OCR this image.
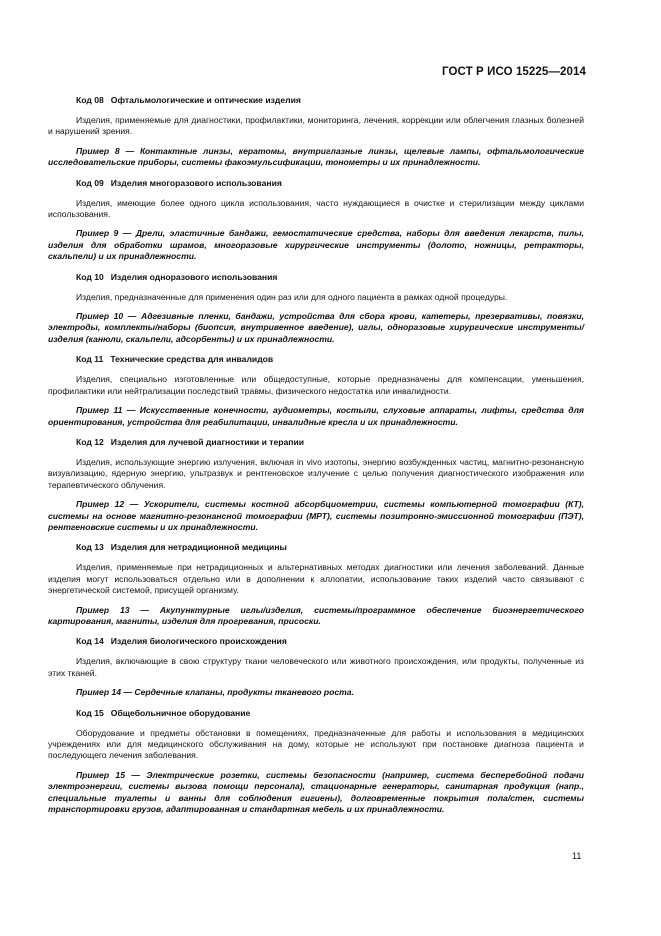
ГОСТ Р ИСО 15225—2014

Код 08 Офтальмологические и оптические изделия

Изделия, применяемые для диагностики, профилактики, мониторинга, лечения, коррекции или облегчения глазных болезней и нарушений зрения.

Пример 8 — Контактные линзы, кератомы, внутриглазные линзы, щелевые лампы, офтальмологические исследовательские приборы, системы факоэмульсификации, тонометры и их принадлежности.

Код 09 Изделия многоразового использования

Изделия, имеющие более одного цикла использования, часто нуждающиеся в очистке и стерилизации между циклами использования.

Пример 9 — Дрели, эластичные бандажи, гемостатические средства, наборы для введения лекарств, пилы, изделия для обработки шрамов, многоразовые хирургические инструменты (долото, ножницы, ретракторы, скальпели) и их принадлежности.

Код 10 Изделия одноразового использования

Изделия, предназначенные для применения один раз или для одного пациента в рамках одной процедуры.

Пример 10 — Адгезивные пленки, бандажи, устройства для сбора крови, катетеры, презервативы, повязки, электроды, комплекты/наборы (биопсия, внутривенное введение), иглы, одноразовые хирургические инструменты/изделия (канюли, скальпели, адсорбенты) и их принадлежности.

Код 11 Технические средства для инвалидов

Изделия, специально изготовленные или общедоступные, которые предназначены для компенсации, уменьшения, профилактики или нейтрализации последствий травмы, физического недостатка или инвалидности.

Пример 11 — Искусственные конечности, аудиометры, костыли, слуховые аппараты, лифты, средства для ориентирования, устройства для реабилитации, инвалидные кресла и их принадлежности.

Код 12 Изделия для лучевой диагностики и терапии

Изделия, использующие энергию излучения, включая in vivo изотопы, энергию возбужденных частиц, магнитно-резонансную визуализацию, ядерную энергию, ультразвук и рентгеновское излучение с целью получения диагностического изображения или терапевтического облучения.

Пример 12 — Ускорители, системы костной абсорбциометрии, системы компьютерной томографии (КТ), системы на основе магнитно-резонансной томографии (МРТ), системы позитронно-эмиссионной томографии (ПЭТ), рентгеновские системы и их принадлежности.

Код 13 Изделия для нетрадиционной медицины

Изделия, применяемые при нетрадиционных и альтернативных методах диагностики или лечения заболеваний. Данные изделия могут использоваться отдельно или в дополнении к аллопатии, использование таких изделий часто связывают с энергетической системой, присущей организму.

Пример 13 — Акупунктурные иглы/изделия, системы/программное обеспечение биоэнергетического картирования, магниты, изделия для прогревания, присоски.

Код 14 Изделия биологического происхождения

Изделия, включающие в свою структуру ткани человеческого или животного происхождения, или продукты, полученные из этих тканей.

Пример 14 — Сердечные клапаны, продукты тканевого роста.

Код 15 Общебольничное оборудование

Оборудование и предметы обстановки в помещениях, предназначенные для работы и использования в медицинских учреждениях или для медицинского обслуживания на дому, которые не используют при постановке диагноза пациента и последующего лечения заболевания.

Пример 15 — Электрические розетки, системы безопасности (например, система бесперебойной подачи электроэнергии, системы вызова помощи персонала), стационарные генераторы, санитарная продукция (напр., специальные туалеты и ванны для соблюдения гигиены), долговременные покрытия пола/стен, системы транспортировки грузов, адаптированная и стандартная мебель и их принадлежности.

11
